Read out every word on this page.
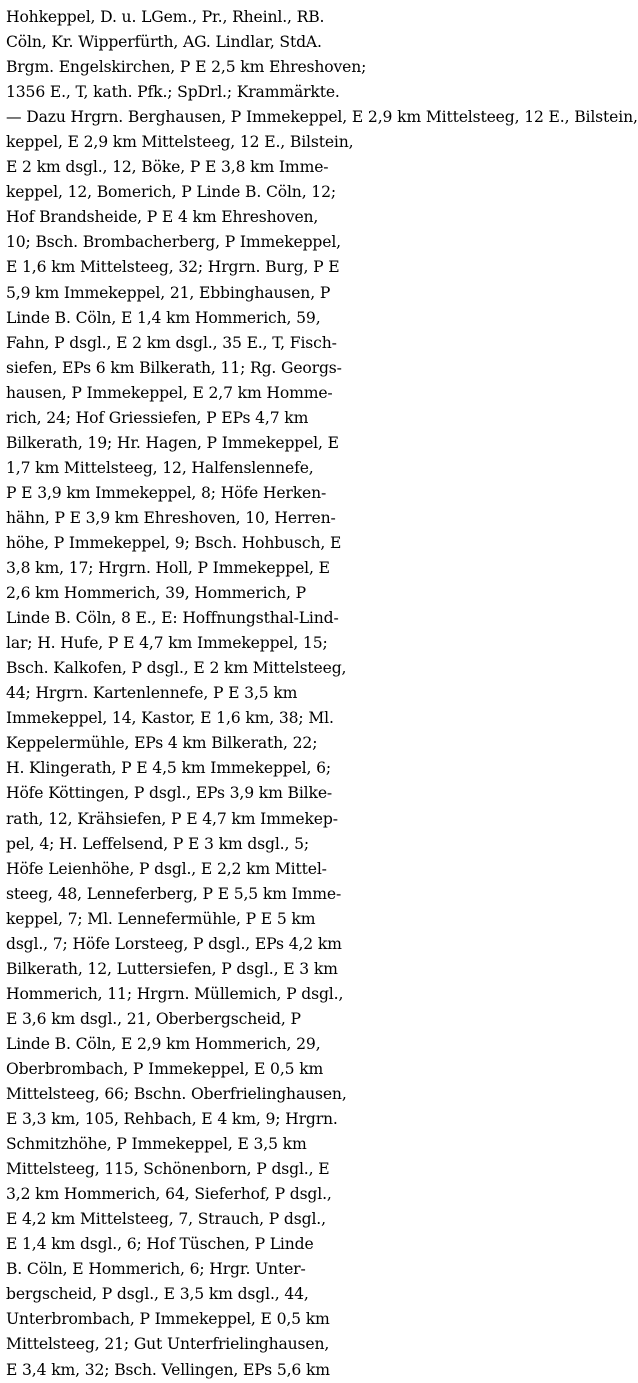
Hohkeppel, D. u. LGem., Pr., Rheinl., RB.
Cöln, Kr. Wipperfürth, AG. Lindlar, StdA.
Brgm. Engelskirchen, P E 2,5 km Ehreshoven;
1356 E., T, kath. Pfk.; SpDrl.; Krammärkte.
— Dazu Hrgrn. Berghausen, P Immekeppel, E 2,9 km Mittelsteeg, 12 E., Bilstein,
keppel, E 2,9 km Mittelsteeg, 12 E., Bilstein,
E 2 km dsgl., 12, Böke, P E 3,8 km Imme-
keppel, 12, Bomerich, P Linde B. Cöln, 12;
Hof Brandsheide, P E 4 km Ehreshoven,
10; Bsch. Brombacherberg, P Immekeppel,
E 1,6 km Mittelsteeg, 32; Hrgrn. Burg, P E
5,9 km Immekeppel, 21, Ebbinghausen, P
Linde B. Cöln, E 1,4 km Hommerich, 59,
Fahn, P dsgl., E 2 km dsgl., 35 E., T, Fisch-
siefen, EPs 6 km Bilkerath, 11; Rg. Georgs-
hausen, P Immekeppel, E 2,7 km Homme-
rich, 24; Hof Griessiefen, P EPs 4,7 km
Bilkerath, 19; Hr. Hagen, P Immekeppel, E
1,7 km Mittelsteeg, 12, Halfenslennefe,
P E 3,9 km Immekeppel, 8; Höfe Herken-
hähn, P E 3,9 km Ehreshoven, 10, Herren-
höhe, P Immekeppel, 9; Bsch. Hohbusch, E
3,8 km, 17; Hrgrn. Holl, P Immekeppel, E
2,6 km Hommerich, 39, Hommerich, P
Linde B. Cöln, 8 E., E: Hoffnungsthal-Lind-
lar; H. Hufe, P E 4,7 km Immekeppel, 15;
Bsch. Kalkofen, P dsgl., E 2 km Mittelsteeg,
44; Hrgrn. Kartenlennefe, P E 3,5 km
Immekeppel, 14, Kastor, E 1,6 km, 38; Ml.
Keppelermühle, EPs 4 km Bilkerath, 22;
H. Klingerath, P E 4,5 km Immekeppel, 6;
Höfe Köttingen, P dsgl., EPs 3,9 km Bilke-
rath, 12, Krähsiefen, P E 4,7 km Immekep-
pel, 4; H. Leffelsend, P E 3 km dsgl., 5;
Höfe Leienhöhe, P dsgl., E 2,2 km Mittel-
steeg, 48, Lenneferberg, P E 5,5 km Imme-
keppel, 7; Ml. Lennefermühle, P E 5 km
dsgl., 7; Höfe Lorsteeg, P dsgl., EPs 4,2 km
Bilkerath, 12, Luttersiefen, P dsgl., E 3 km
Hommerich, 11; Hrgrn. Müllemich, P dsgl.,
E 3,6 km dsgl., 21, Oberbergscheid, P
Linde B. Cöln, E 2,9 km Hommerich, 29,
Oberbrombach, P Immekeppel, E 0,5 km
Mittelsteeg, 66; Bschn. Oberfrielinghausen,
E 3,3 km, 105, Rehbach, E 4 km, 9; Hrgrn.
Schmitzhöhe, P Immekeppel, E 3,5 km
Mittelsteeg, 115, Schönenborn, P dsgl., E
3,2 km Hommerich, 64, Sieferhof, P dsgl.,
E 4,2 km Mittelsteeg, 7, Strauch, P dsgl.,
E 1,4 km dsgl., 6; Hof Tüschen, P Linde
B. Cöln, E Hommerich, 6; Hrgr. Unter-
bergscheid, P dsgl., E 3,5 km dsgl., 44,
Unterbrombach, P Immekeppel, E 0,5 km
Mittelsteeg, 21; Gut Unterfrielinghausen,
E 3,4 km, 32; Bsch. Vellingen, EPs 5,6 km
